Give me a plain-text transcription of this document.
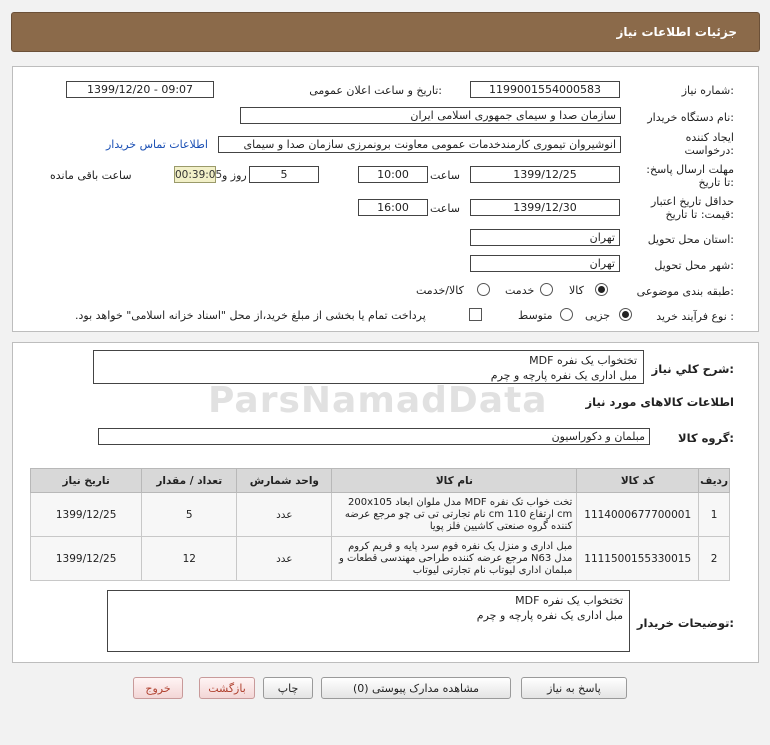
جزئیات اطلاعات نیاز
شماره نیاز:
1199001554000583
تاریخ و ساعت اعلان عمومی:
1399/12/20 - 09:07
نام دستگاه خریدار:
سازمان صدا و سیمای جمهوری اسلامی ایران
ایجاد کننده درخواست:
انوشیروان تیموری کارمندخدمات عمومی معاونت برونمرزی سازمان صدا و سیمای
اطلاعات تماس خریدار
مهلت ارسال پاسخ: تا تاریخ:
1399/12/25
ساعت
10:00
5
روز و
00:39:05
ساعت باقی مانده
حداقل تاریخ اعتبار قیمت: تا تاریخ:
1399/12/30
ساعت
16:00
استان محل تحویل:
تهران
شهر محل تحویل:
تهران
طبقه بندی موضوعی:
کالا
خدمت
کالا/خدمت
نوع فرآیند خرید :
جزیی
متوسط
پرداخت تمام یا بخشی از مبلغ خرید،از محل "اسناد خزانه اسلامی" خواهد بود.
شرح كلي نياز:
تختخواب یک نفره MDF
مبل اداری یک نفره پارچه و چرم
اطلاعات کالاهای مورد نیاز
گروه کالا:
مبلمان و دکوراسیون
ردیف	کد کالا	نام کالا	واحد شمارش	تعداد / مقدار	تاریخ نیاز
1	1114000677700001	تخت خواب تک نفره MDF مدل ملوان ابعاد 200x105 cm ارتفاع 110 cm نام تجارتی تی تی چو مرجع عرضه کننده گروه صنعتی کاشیین فلز پویا	عدد	5	1399/12/25
2	1111500155330015	مبل اداری و منزل یک نفره فوم سرد پایه و فریم کروم مدل N63 مرجع عرضه کننده طراحی مهندسی قطعات و مبلمان اداری لیوتاب نام تجارتی لیوتاب	عدد	12	1399/12/25
توضیحات خریدار:
تختخواب یک نفره MDF
مبل اداری یک نفره پارچه و چرم
ParsNamadData
پاسخ به نیاز
مشاهده مدارک پیوستی (0)
چاپ
بازگشت
خروج
